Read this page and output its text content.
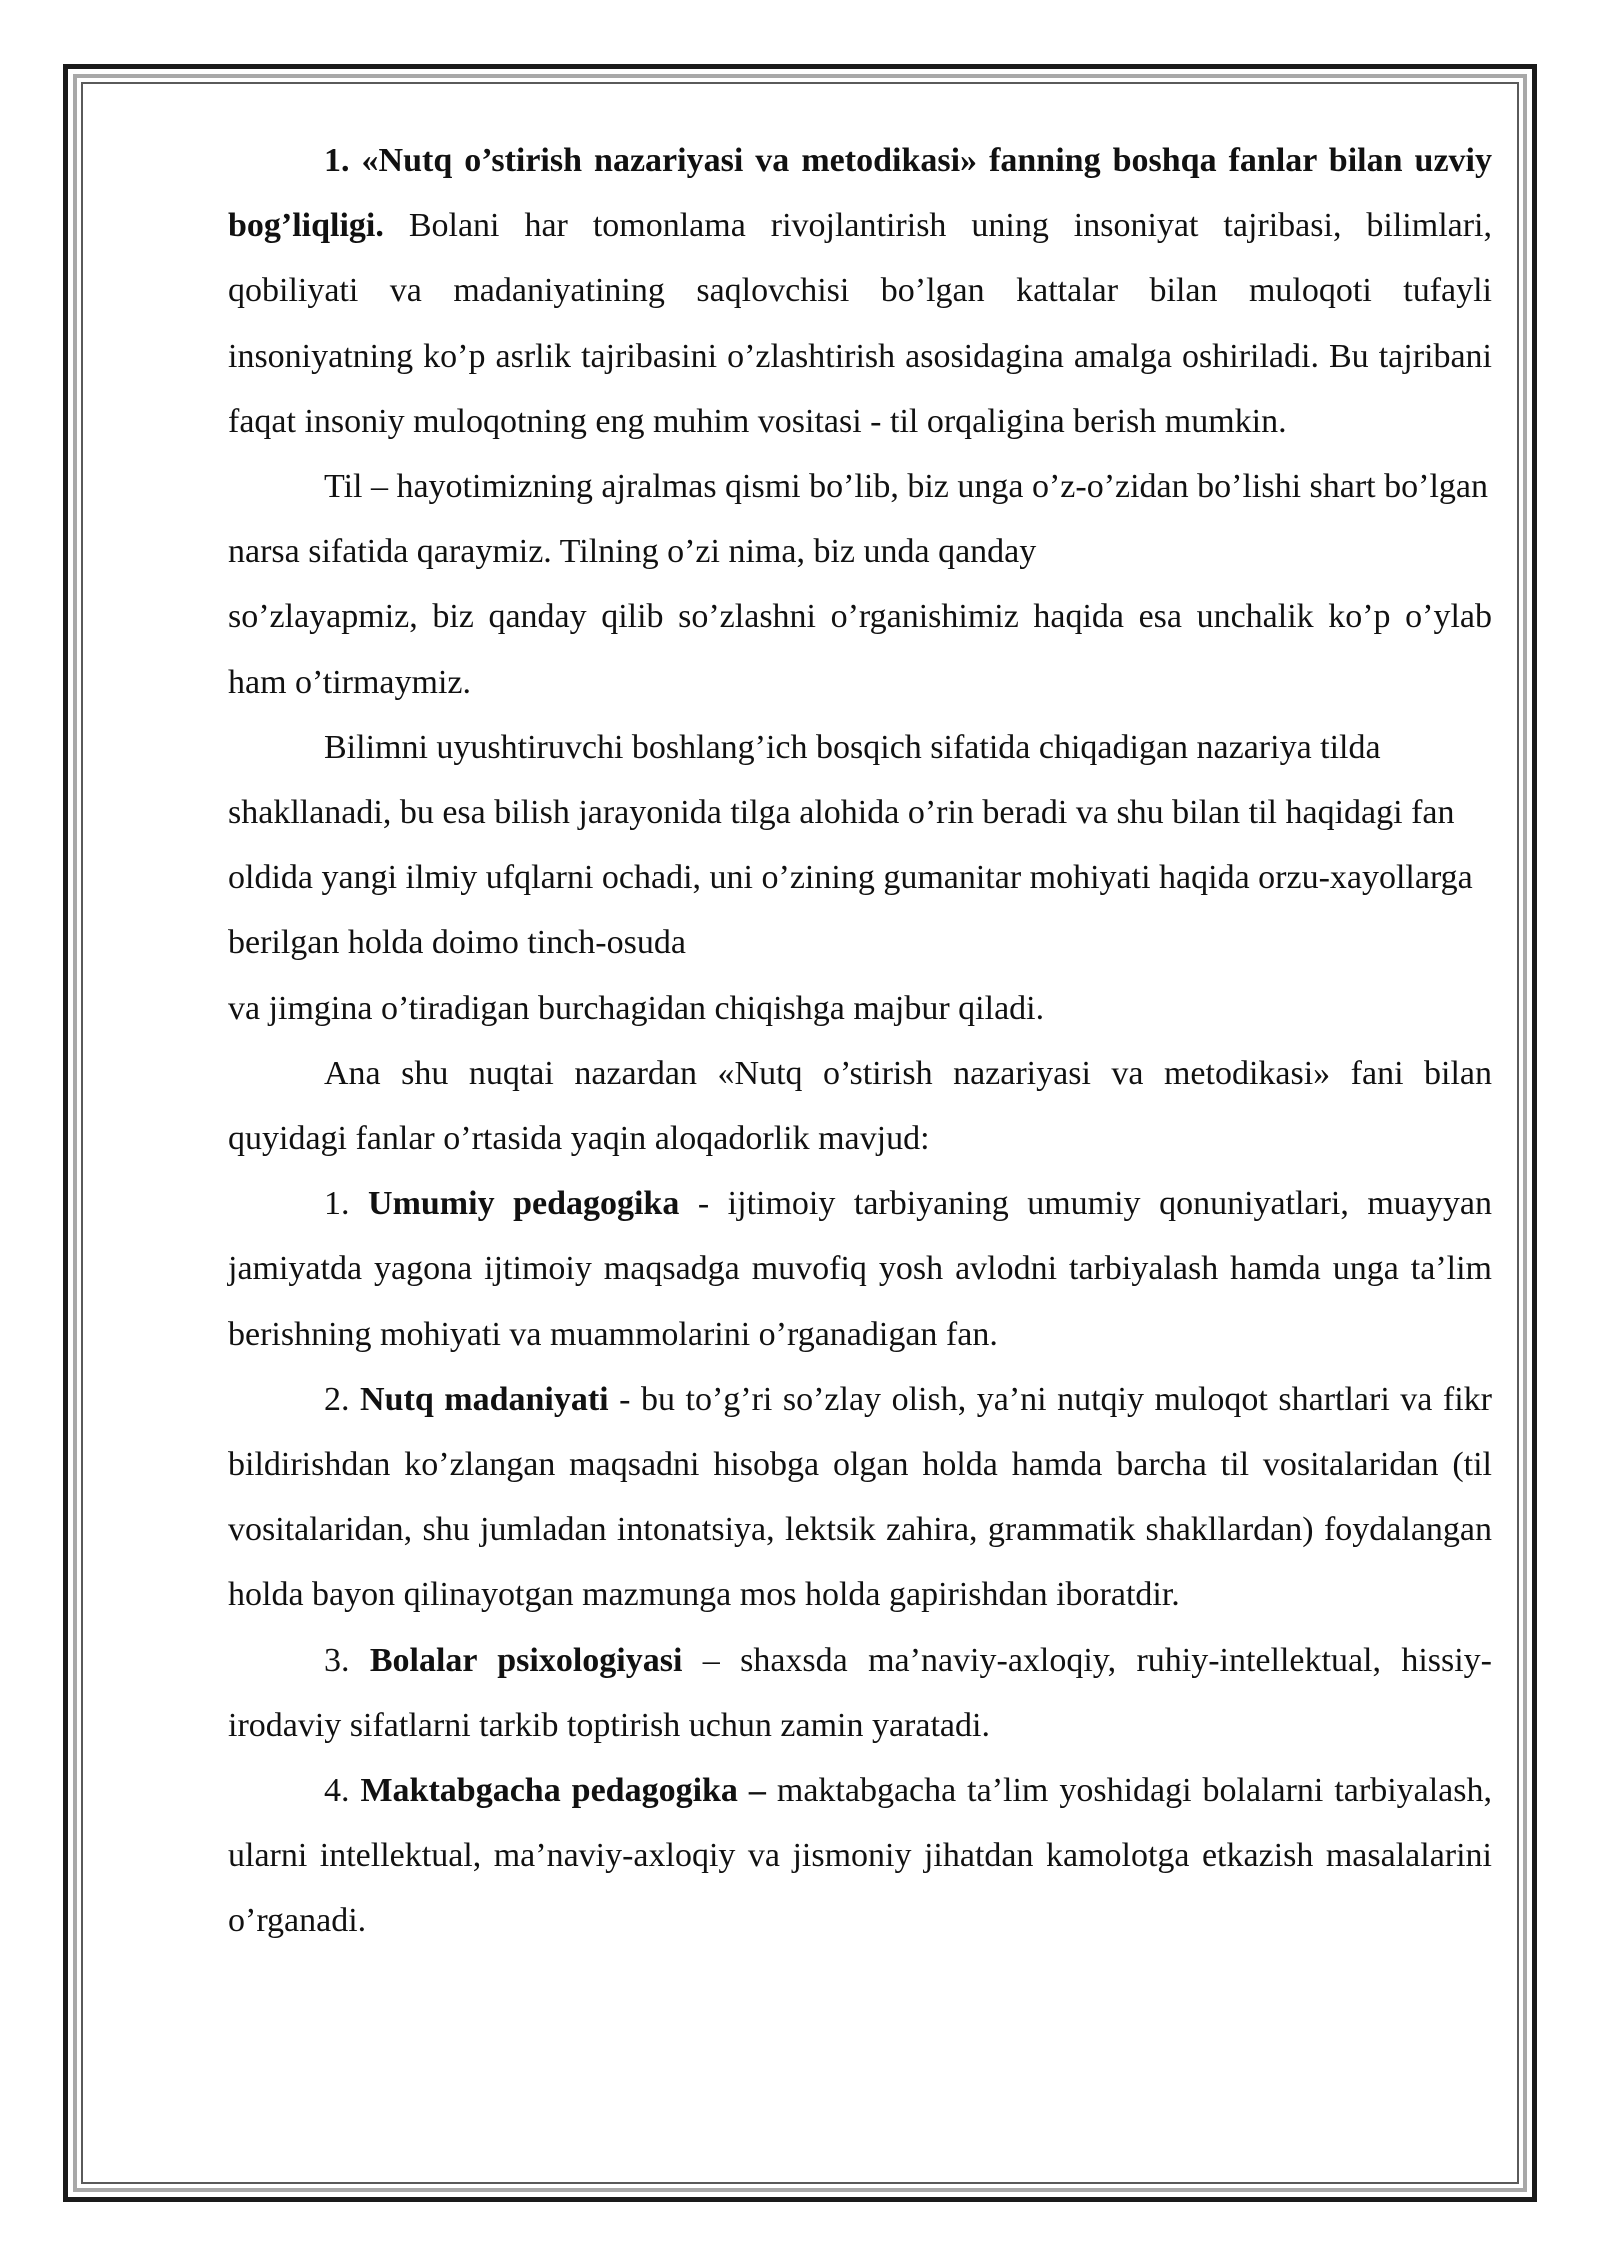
1. «Nutq o’stirish nazariyasi va metodikasi» fanning boshqa fanlar bilan uzviy bog’liqligi. Bolani har tomonlama rivojlantirish uning insoniyat tajribasi, bilimlari, qobiliyati va madaniyatining saqlovchisi bo’lgan kattalar bilan muloqoti tufayli insoniyatning ko’p asrlik tajribasini o’zlashtirish asosidagina amalga oshiriladi. Bu tajribani faqat insoniy muloqotning eng muhim vositasi - til orqaligina berish mumkin.

Til – hayotimizning ajralmas qismi bo’lib, biz unga o’z-o’zidan bo’lishi shart bo’lgan narsa sifatida qaraymiz. Tilning o’zi nima, biz unda qanday

so’zlayapmiz, biz qanday qilib so’zlashni o’rganishimiz haqida esa unchalik ko’p o’ylab ham o’tirmaymiz.

Bilimni uyushtiruvchi boshlang’ich bosqich sifatida chiqadigan nazariya tilda shakllanadi, bu esa bilish jarayonida tilga alohida o’rin beradi va shu bilan til haqidagi fan oldida yangi ilmiy ufqlarni ochadi, uni o’zining gumanitar mohiyati haqida orzu-xayollarga berilgan holda doimo tinch-osuda

va jimgina o’tiradigan burchagidan chiqishga majbur qiladi.

Ana shu nuqtai nazardan «Nutq o’stirish nazariyasi va metodikasi» fani bilan quyidagi fanlar o’rtasida yaqin aloqadorlik mavjud:

1. Umumiy pedagogika - ijtimoiy tarbiyaning umumiy qonuniyatlari, muayyan jamiyatda yagona ijtimoiy maqsadga muvofiq yosh avlodni tarbiyalash hamda unga ta’lim berishning mohiyati va muammolarini o’rganadigan fan.

2. Nutq madaniyati - bu to’g’ri so’zlay olish, ya’ni nutqiy muloqot shartlari va fikr bildirishdan ko’zlangan maqsadni hisobga olgan holda hamda barcha til vositalaridan (til vositalaridan, shu jumladan intonatsiya, lektsik zahira, grammatik shakllardan) foydalangan holda bayon qilinayotgan mazmunga mos holda gapirishdan iboratdir.

3. Bolalar psixologiyasi – shaxsda ma’naviy-axloqiy, ruhiy-intellektual, hissiy-irodaviy sifatlarni tarkib toptirish uchun zamin yaratadi.

4. Maktabgacha pedagogika – maktabgacha ta’lim yoshidagi bolalarni tarbiyalash, ularni intellektual, ma’naviy-axloqiy va jismoniy jihatdan kamolotga etkazish masalalarini o’rganadi.
